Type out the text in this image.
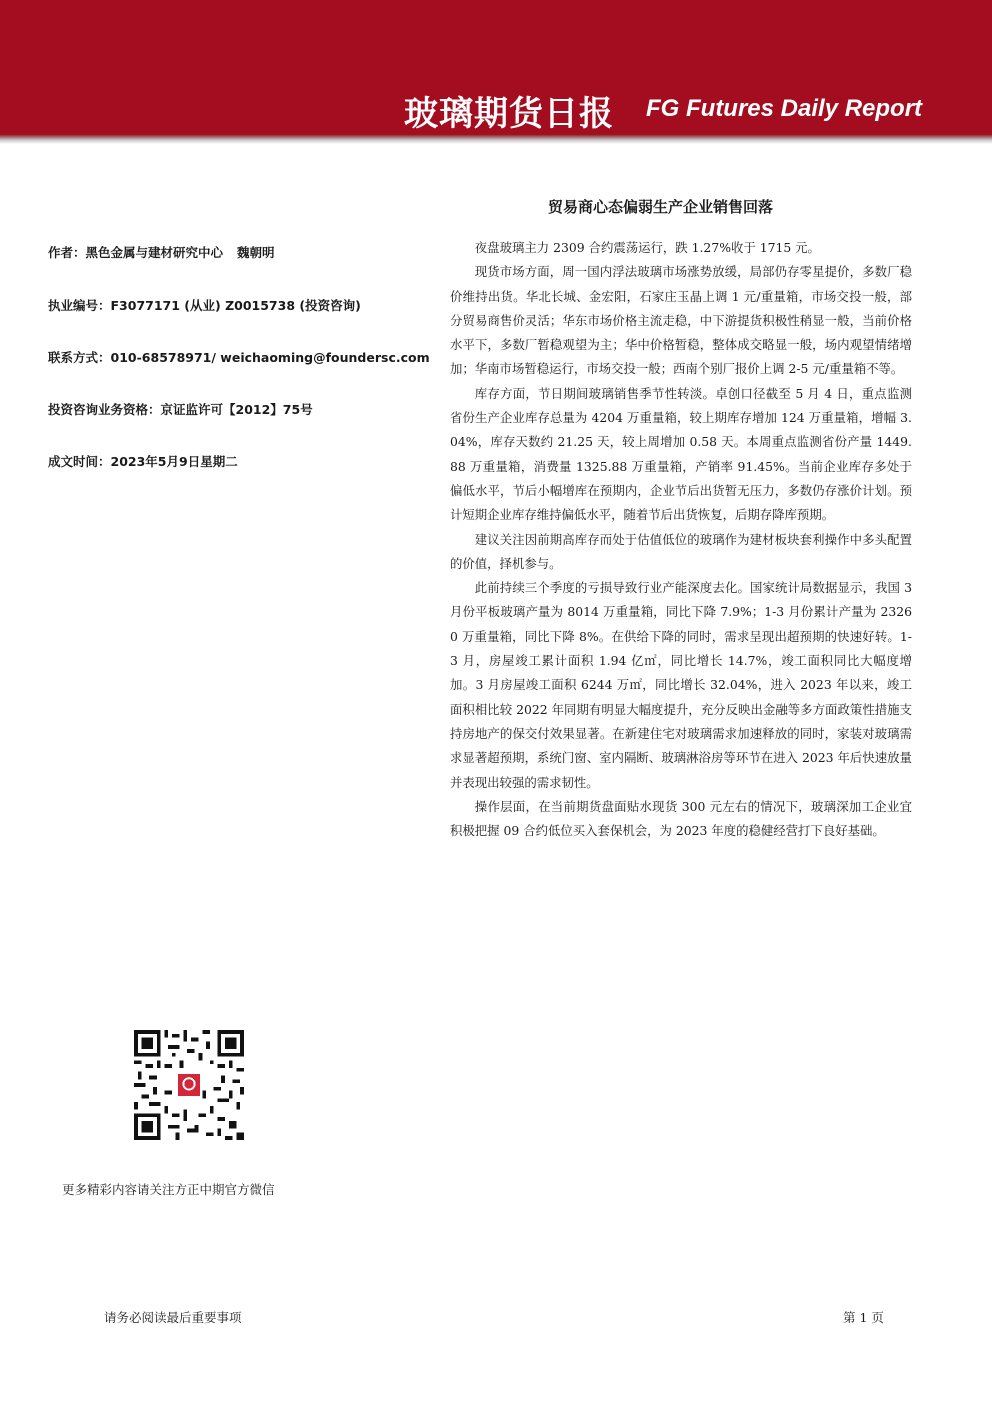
玻璃期货日报 FG Futures Daily Report
作者：黑色金属与建材研究中心 魏朝明
执业编号：F3077171 (从业) Z0015738 (投资咨询)
联系方式：010-68578971/ weichaoming@foundersc.com
投资咨询业务资格：京证监许可【2012】75号
成文时间：2023年5月9日星期二
贸易商心态偏弱生产企业销售回落

夜盘玻璃主力 2309 合约震荡运行，跌 1.27%收于 1715 元。

现货市场方面，周一国内浮法玻璃市场涨势放缓，局部仍存零星提价，多数厂稳价维持出货。华北长城、金宏阳，石家庄玉晶上调 1 元/重量箱，市场交投一般，部分贸易商售价灵活；华东市场价格主流走稳，中下游提货积极性稍显一般，当前价格水平下，多数厂暂稳观望为主；华中价格暂稳，整体成交略显一般，场内观望情绪增加；华南市场暂稳运行，市场交投一般；西南个别厂报价上调 2-5 元/重量箱不等。

库存方面，节日期间玻璃销售季节性转淡。卓创口径截至 5 月 4 日，重点监测省份生产企业库存总量为 4204 万重量箱，较上期库存增加 124 万重量箱，增幅 3.04%，库存天数约 21.25 天，较上周增加 0.58 天。本周重点监测省份产量 1449.88 万重量箱，消费量 1325.88 万重量箱，产销率 91.45%。当前企业库存多处于偏低水平，节后小幅增库在预期内，企业节后出货暂无压力，多数仍存涨价计划。预计短期企业库存维持偏低水平，随着节后出货恢复，后期存降库预期。

建议关注因前期高库存而处于估值低位的玻璃作为建材板块套利操作中多头配置的价值，择机参与。

此前持续三个季度的亏损导致行业产能深度去化。国家统计局数据显示，我国 3 月份平板玻璃产量为 8014 万重量箱，同比下降 7.9%；1-3 月份累计产量为 23260 万重量箱，同比下降 8%。在供给下降的同时，需求呈现出超预期的快速好转。1-3 月，房屋竣工累计面积 1.94 亿㎡，同比增长 14.7%，竣工面积同比大幅度增加。3 月房屋竣工面积 6244 万㎡，同比增长 32.04%，进入 2023 年以来，竣工面积相比较 2022 年同期有明显大幅度提升，充分反映出金融等多方面政策性措施支持房地产的保交付效果显著。在新建住宅对玻璃需求加速释放的同时，家装对玻璃需求显著超预期，系统门窗、室内隔断、玻璃淋浴房等环节在进入 2023 年后快速放量并表现出较强的需求韧性。

操作层面，在当前期货盘面贴水现货 300 元左右的情况下，玻璃深加工企业宜积极把握 09 合约低位买入套保机会，为 2023 年度的稳健经营打下良好基础。

更多精彩内容请关注方正中期官方微信
请务必阅读最后重要事项	第 1 页
